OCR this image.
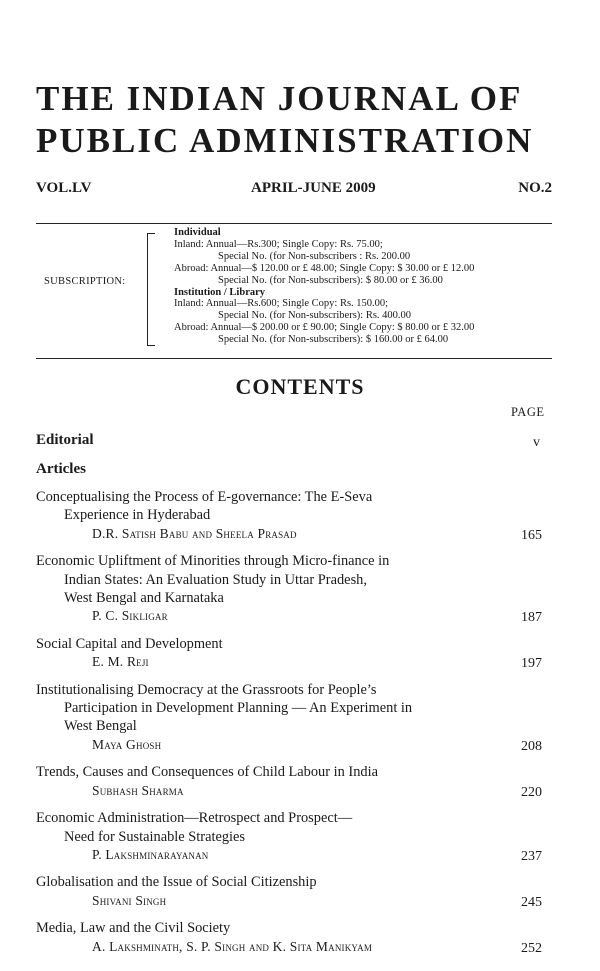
THE INDIAN JOURNAL OF
PUBLIC ADMINISTRATION
VOL.LV	APRIL-JUNE 2009	NO.2
SUBSCRIPTION:
Individual
Inland: Annual—Rs.300; Single Copy: Rs. 75.00;
Special No. (for Non-subscribers : Rs. 200.00
Abroad: Annual—$ 120.00 or £ 48.00; Single Copy: $ 30.00 or £ 12.00
Special No. (for Non-subscribers): $ 80.00 or £ 36.00
Institution / Library
Inland: Annual—Rs.600; Single Copy: Rs. 150.00;
Special No. (for Non-subscribers): Rs. 400.00
Abroad: Annual—$ 200.00 or £ 90.00; Single Copy: $ 80.00 or £ 32.00
Special No. (for Non-subscribers): $ 160.00 or £ 64.00
CONTENTS
PAGE
Editorial	v
Articles
Conceptualising the Process of E-governance: The E-Seva
Experience in Hyderabad
D.R. Satish Babu and Sheela Prasad	165
Economic Upliftment of Minorities through Micro-finance in
Indian States: An Evaluation Study in Uttar Pradesh,
West Bengal and Karnataka
P. C. Sikligar	187
Social Capital and Development
E. M. Reji	197
Institutionalising Democracy at the Grassroots for People’s
Participation in Development Planning — An Experiment in
West Bengal
Maya Ghosh	208
Trends, Causes and Consequences of Child Labour in India
Subhash Sharma	220
Economic Administration—Retrospect and Prospect—
Need for Sustainable Strategies
P. Lakshminarayanan	237
Globalisation and the Issue of Social Citizenship
Shivani Singh	245
Media, Law and the Civil Society
A. Lakshminath, S. P. Singh and K. Sita Manikyam	252
